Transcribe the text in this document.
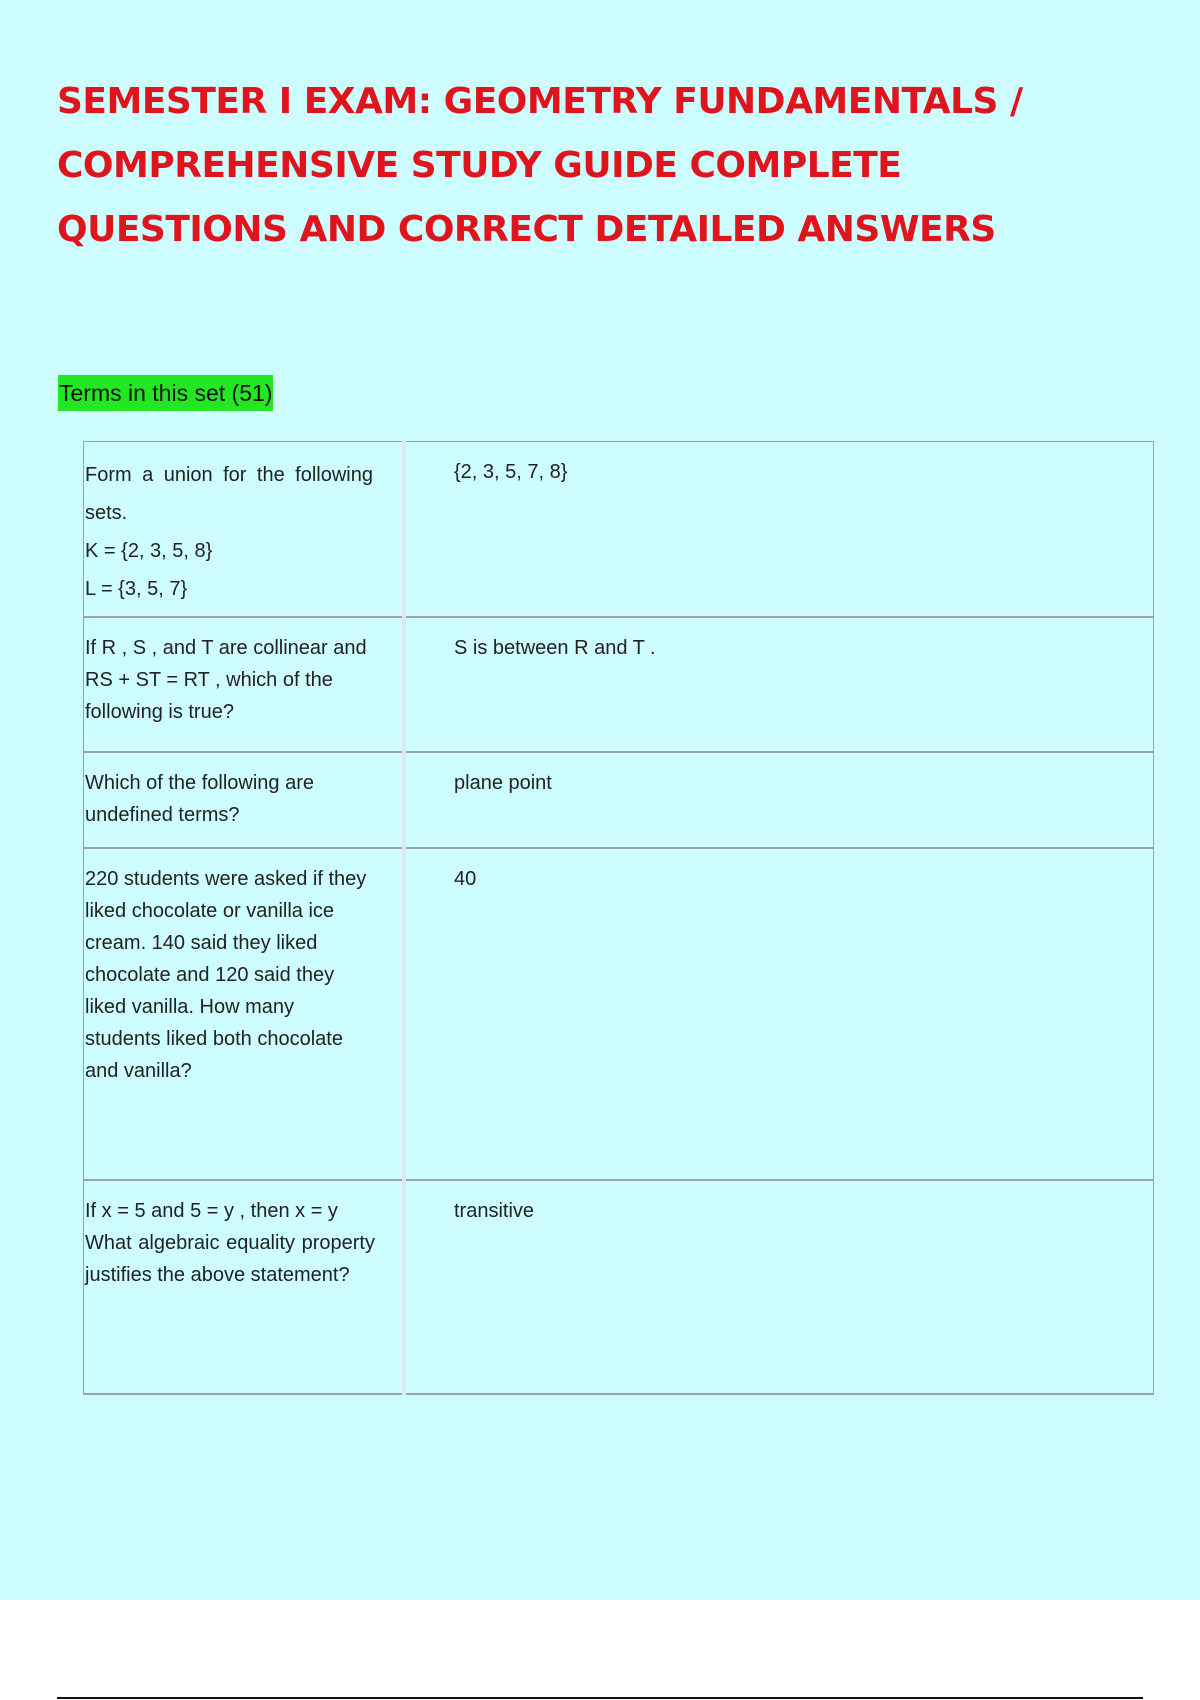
SEMESTER I EXAM: GEOMETRY FUNDAMENTALS / COMPREHENSIVE STUDY GUIDE COMPLETE QUESTIONS AND CORRECT DETAILED ANSWERS
Terms in this set (51)
Form a union for the following sets.
K = {2, 3, 5, 8}
L = {3, 5, 7}	{2, 3, 5, 7, 8}

If R , S , and T are collinear and RS + ST = RT , which of the following is true?	S is between R and T .

Which of the following are undefined terms?	plane point

220 students were asked if they liked chocolate or vanilla ice cream. 140 said they liked chocolate and 120 said they liked vanilla. How many students liked both chocolate and vanilla?	40

If x = 5 and 5 = y , then x = y
What algebraic equality property justifies the above statement?	transitive
